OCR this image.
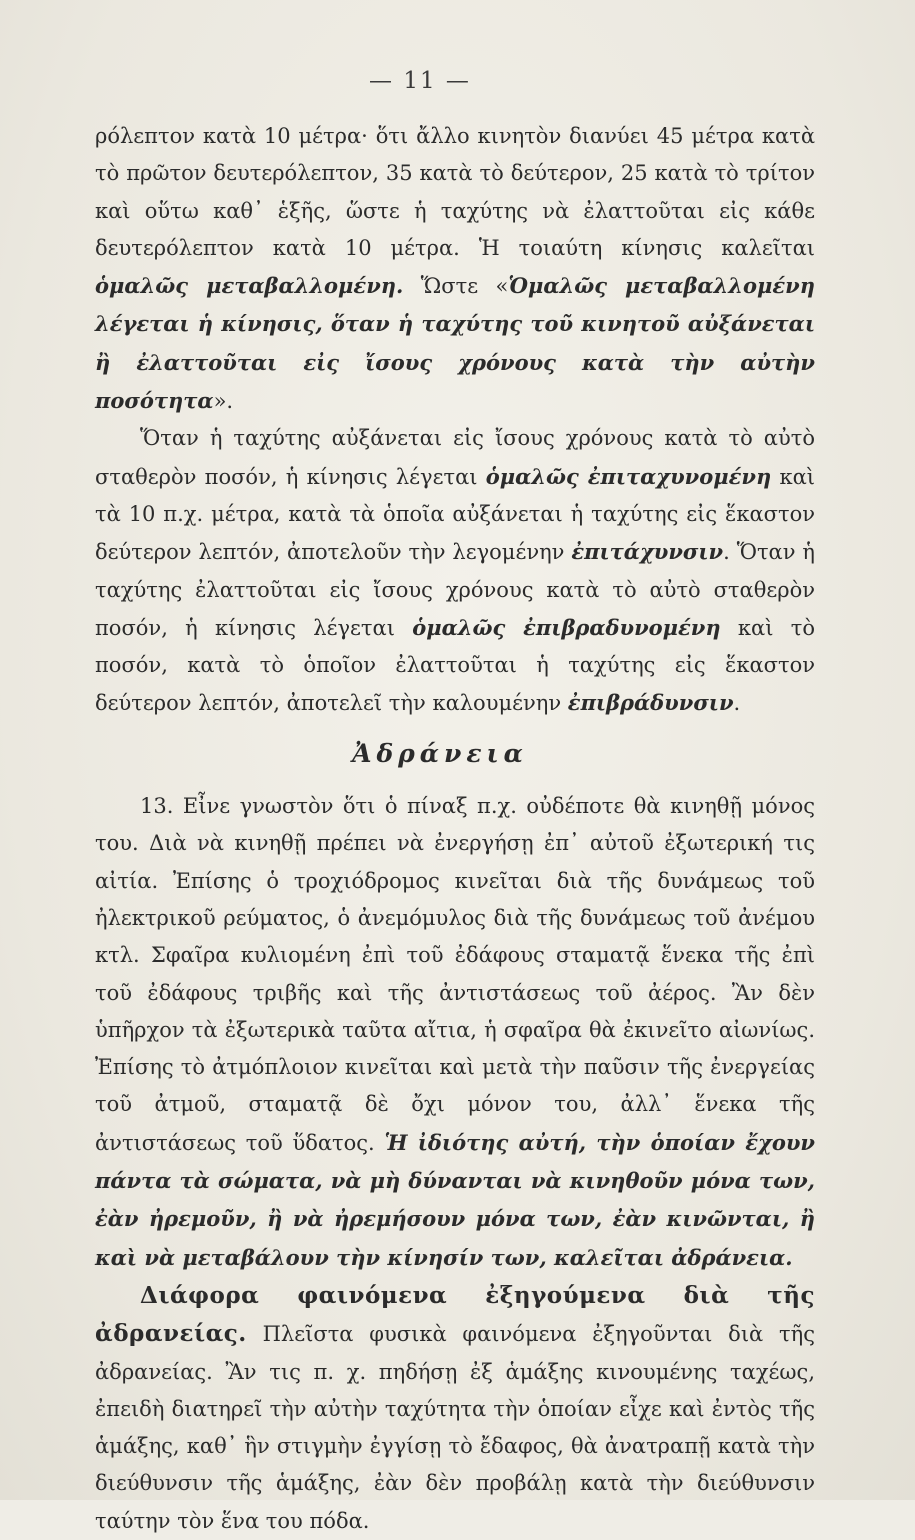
— 11 —

ρόλεπτον κατὰ 10 μέτρα· ὅτι ἄλλο κινητὸν διανύει 45 μέτρα κατὰ τὸ πρῶτον δευτερόλεπτον, 35 κατὰ τὸ δεύτερον, 25 κατὰ τὸ τρίτον καὶ οὕτω καθ᾽ ἑξῆς, ὥστε ἡ ταχύτης νὰ ἐλαττοῦται εἰς κάθε δευτερόλεπτον κατὰ 10 μέτρα. Ἡ τοιαύτη κίνησις καλεῖται ὁμαλῶς μεταβαλλομένη. Ὥστε «Ὁμαλῶς μεταβαλλομένη λέγεται ἡ κίνησις, ὅταν ἡ ταχύτης τοῦ κινητοῦ αὐξάνεται ἢ ἐλαττοῦται εἰς ἴσους χρόνους κατὰ τὴν αὐτὴν ποσότητα».

Ὅταν ἡ ταχύτης αὐξάνεται εἰς ἴσους χρόνους κατὰ τὸ αὐτὸ σταθερὸν ποσόν, ἡ κίνησις λέγεται ὁμαλῶς ἐπιταχυνομένη καὶ τὰ 10 π.χ. μέτρα, κατὰ τὰ ὁποῖα αὐξάνεται ἡ ταχύτης εἰς ἕκαστον δεύτερον λεπτόν, ἀποτελοῦν τὴν λεγομένην ἐπιτάχυνσιν. Ὅταν ἡ ταχύτης ἐλαττοῦται εἰς ἴσους χρόνους κατὰ τὸ αὐτὸ σταθερὸν ποσόν, ἡ κίνησις λέγεται ὁμαλῶς ἐπιβραδυνομένη καὶ τὸ ποσόν, κατὰ τὸ ὁποῖον ἐλαττοῦται ἡ ταχύτης εἰς ἕκαστον δεύτερον λεπτόν, ἀποτελεῖ τὴν καλουμένην ἐπιβράδυνσιν.

Ἀδράνεια

13. Εἶνε γνωστὸν ὅτι ὁ πίναξ π.χ. οὐδέποτε θὰ κινηθῇ μόνος του. Διὰ νὰ κινηθῇ πρέπει νὰ ἐνεργήσῃ ἐπ᾽ αὐτοῦ ἐξωτερική τις αἰτία. Ἐπίσης ὁ τροχιόδρομος κινεῖται διὰ τῆς δυνάμεως τοῦ ἠλεκτρικοῦ ρεύματος, ὁ ἀνεμόμυλος διὰ τῆς δυνάμεως τοῦ ἀνέμου κτλ. Σφαῖρα κυλιομένη ἐπὶ τοῦ ἐδάφους σταματᾷ ἕνεκα τῆς ἐπὶ τοῦ ἐδάφους τριβῆς καὶ τῆς ἀντιστάσεως τοῦ ἀέρος. Ἂν δὲν ὑπῆρχον τὰ ἐξωτερικὰ ταῦτα αἴτια, ἡ σφαῖρα θὰ ἐκινεῖτο αἰωνίως. Ἐπίσης τὸ ἀτμόπλοιον κινεῖται καὶ μετὰ τὴν παῦσιν τῆς ἐνεργείας τοῦ ἀτμοῦ, σταματᾷ δὲ ὄχι μόνον του, ἀλλ᾽ ἕνεκα τῆς ἀντιστάσεως τοῦ ὕδατος. Ἡ ἰδιότης αὐτή, τὴν ὁποίαν ἔχουν πάντα τὰ σώματα, νὰ μὴ δύνανται νὰ κινηθοῦν μόνα των, ἐὰν ἠρεμοῦν, ἢ νὰ ἠρεμήσουν μόνα των, ἐὰν κινῶνται, ἢ καὶ νὰ μεταβάλουν τὴν κίνησίν των, καλεῖται ἀδράνεια.

Διάφορα φαινόμενα ἐξηγούμενα διὰ τῆς ἀδρανείας. Πλεῖστα φυσικὰ φαινόμενα ἐξηγοῦνται διὰ τῆς ἀδρανείας. Ἂν τις π. χ. πηδήσῃ ἐξ ἁμάξης κινουμένης ταχέως, ἐπειδὴ διατηρεῖ τὴν αὐτὴν ταχύτητα τὴν ὁποίαν εἶχε καὶ ἐντὸς τῆς ἁμάξης, καθ᾽ ἣν στιγμὴν ἐγγίσῃ τὸ ἔδαφος, θὰ ἀνατραπῇ κατὰ τὴν διεύθυνσιν τῆς ἁμάξης, ἐὰν δὲν προβάλῃ κατὰ τὴν διεύθυνσιν ταύτην τὸν ἕνα του πόδα.
